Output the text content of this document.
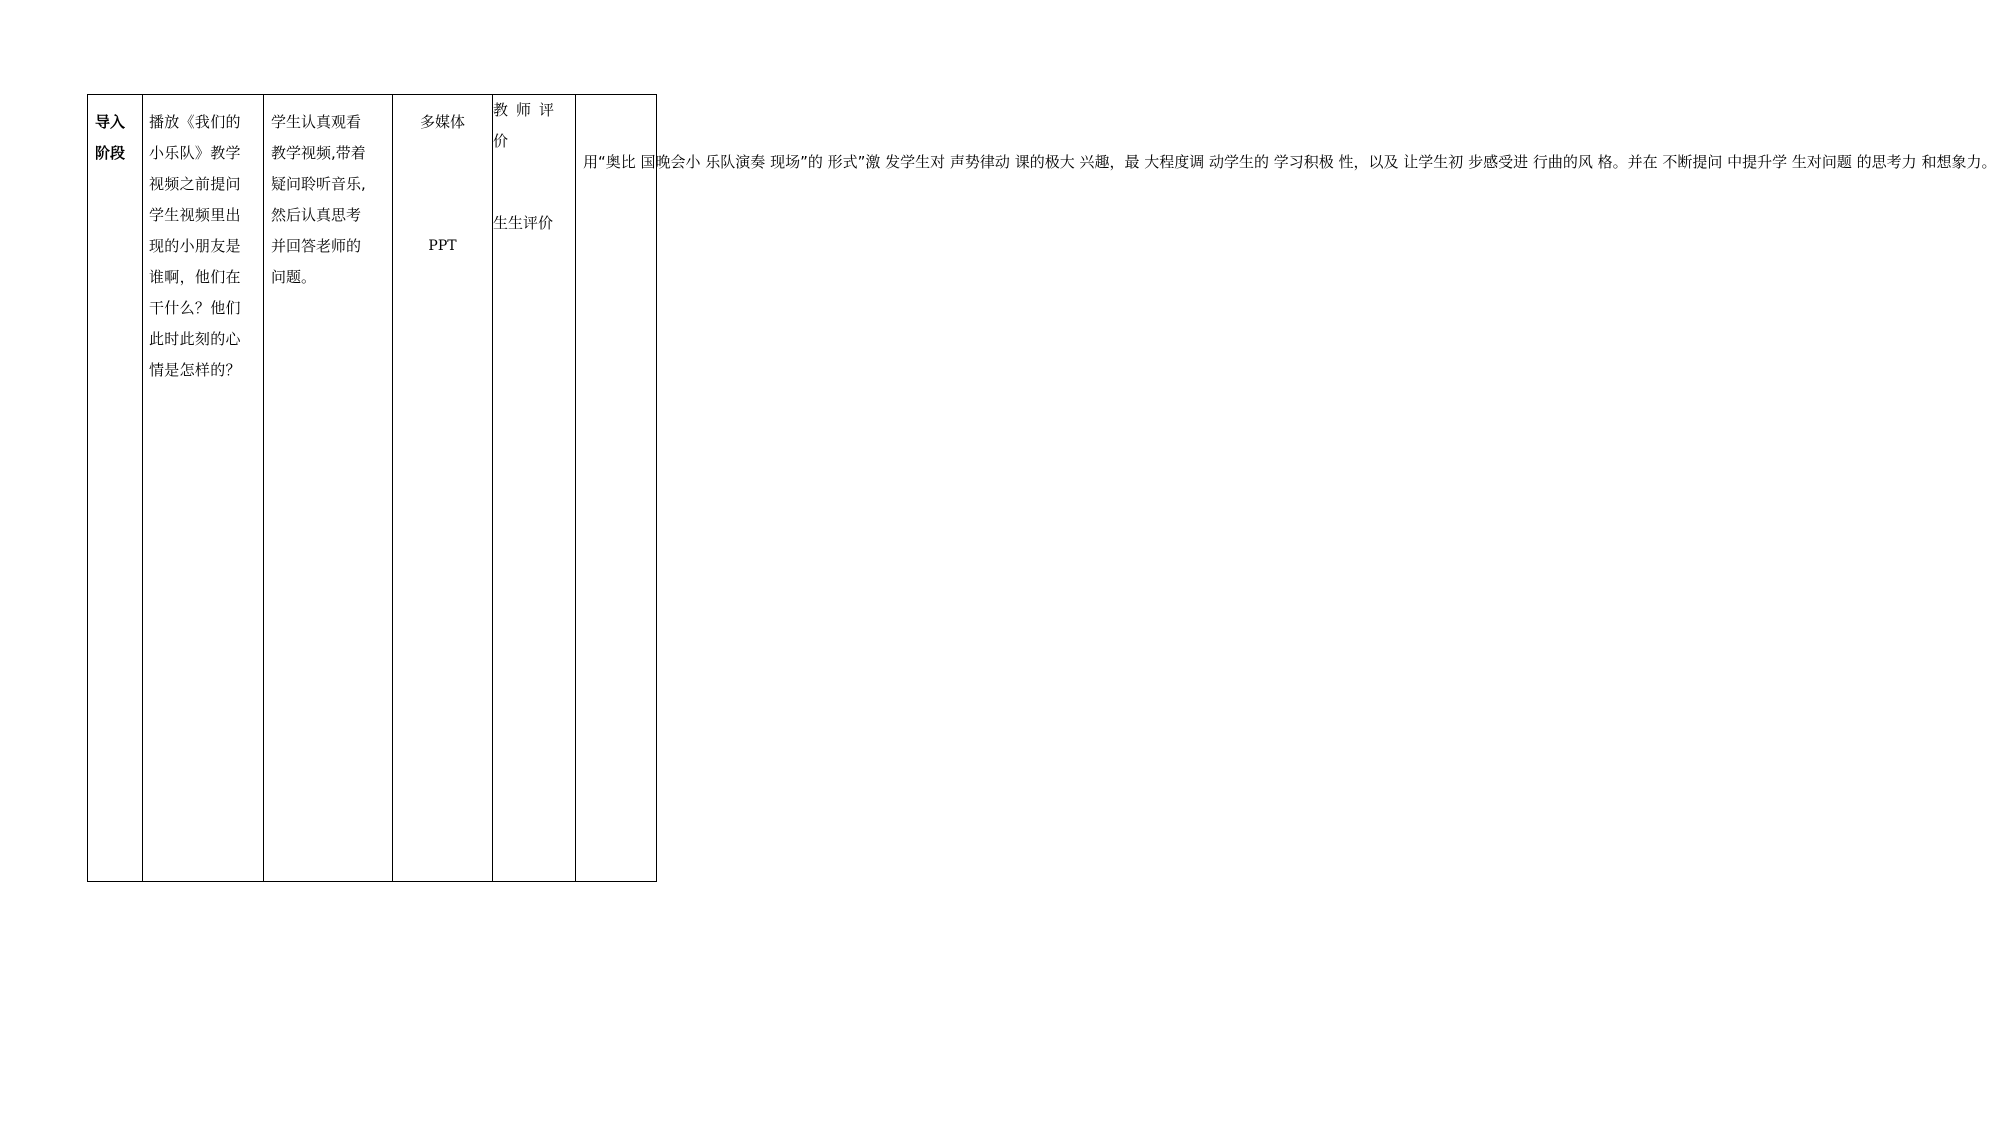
导入
阶段

播放《我们的
小乐队》教学
视频之前提问
学生视频里出
现的小朋友是
谁啊，他们在
干什么？他们
此时此刻的心
情是怎样的？

学生认真观看
教学视频,带着
疑问聆听音乐,
然后认真思考
并回答老师的
问题。

多媒体
PPT

教师评
价
生生评价

用“奥比 国晚会小 乐队演奏 现场”的 形式”激 发学生对 声势律动 课的极大 兴趣，最 大程度调 动学生的 学习积极 性，以及 让学生初 步感受进 行曲的风 格。并在 不断提问 中提升学 生对问题 的思考力 和想象力。
